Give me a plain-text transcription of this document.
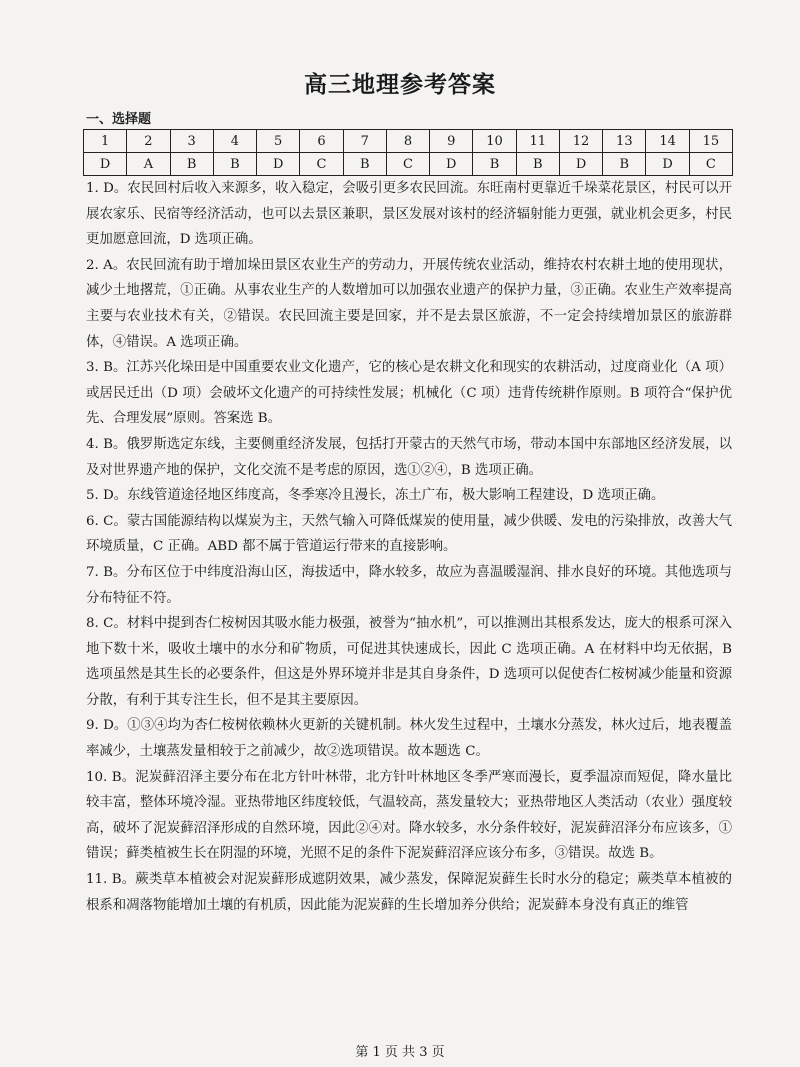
高三地理参考答案
一、选择题
1	2	3	4	5	6	7	8	9	10	11	12	13	14	15
D	A	B	B	D	C	B	C	D	B	B	D	B	D	C

1. D。农民回村后收入来源多，收入稳定，会吸引更多农民回流。东旺南村更靠近千垛菜花景区，村民可以开展农家乐、民宿等经济活动，也可以去景区兼职，景区发展对该村的经济辐射能力更强，就业机会更多，村民更加愿意回流，D 选项正确。

2. A。农民回流有助于增加垛田景区农业生产的劳动力，开展传统农业活动，维持农村农耕土地的使用现状，减少土地撂荒，①正确。从事农业生产的人数增加可以加强农业遗产的保护力量，③正确。农业生产效率提高主要与农业技术有关，②错误。农民回流主要是回家，并不是去景区旅游，不一定会持续增加景区的旅游群体，④错误。A 选项正确。

3. B。江苏兴化垛田是中国重要农业文化遗产，它的核心是农耕文化和现实的农耕活动，过度商业化（A 项）或居民迁出（D 项）会破坏文化遗产的可持续性发展；机械化（C 项）违背传统耕作原则。B 项符合“保护优先、合理发展”原则。答案选 B。

4. B。俄罗斯选定东线，主要侧重经济发展，包括打开蒙古的天然气市场，带动本国中东部地区经济发展，以及对世界遗产地的保护，文化交流不是考虑的原因，选①②④，B 选项正确。

5. D。东线管道途径地区纬度高，冬季寒冷且漫长，冻土广布，极大影响工程建设，D 选项正确。

6. C。蒙古国能源结构以煤炭为主，天然气输入可降低煤炭的使用量，减少供暖、发电的污染排放，改善大气环境质量，C 正确。ABD 都不属于管道运行带来的直接影响。

7. B。分布区位于中纬度沿海山区，海拔适中，降水较多，故应为喜温暖湿润、排水良好的环境。其他选项与分布特征不符。

8. C。材料中提到杏仁桉树因其吸水能力极强，被誉为“抽水机”，可以推测出其根系发达，庞大的根系可深入地下数十米，吸收土壤中的水分和矿物质，可促进其快速成长，因此 C 选项正确。A 在材料中均无依据，B 选项虽然是其生长的必要条件，但这是外界环境并非是其自身条件，D 选项可以促使杏仁桉树减少能量和资源分散，有利于其专注生长，但不是其主要原因。

9. D。①③④均为杏仁桉树依赖林火更新的关键机制。林火发生过程中，土壤水分蒸发，林火过后，地表覆盖率减少，土壤蒸发量相较于之前减少，故②选项错误。故本题选 C。

10. B。泥炭藓沼泽主要分布在北方针叶林带，北方针叶林地区冬季严寒而漫长，夏季温凉而短促，降水量比较丰富，整体环境冷湿。亚热带地区纬度较低，气温较高，蒸发量较大；亚热带地区人类活动（农业）强度较高，破坏了泥炭藓沼泽形成的自然环境，因此②④对。降水较多，水分条件较好，泥炭藓沼泽分布应该多，①错误；藓类植被生长在阴湿的环境，光照不足的条件下泥炭藓沼泽应该分布多，③错误。故选 B。

11. B。蕨类草本植被会对泥炭藓形成遮阴效果，减少蒸发，保障泥炭藓生长时水分的稳定；蕨类草本植被的根系和凋落物能增加土壤的有机质，因此能为泥炭藓的生长增加养分供给；泥炭藓本身没有真正的维管

第 1 页 共 3 页
